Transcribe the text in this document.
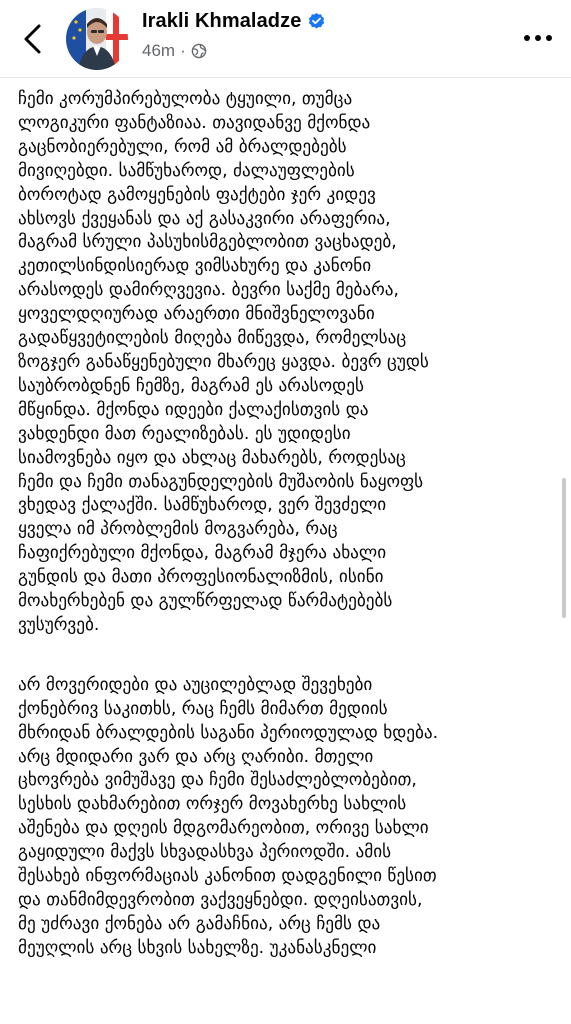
Irakli Khmaladze
46m ·
ჩემი კორუმპირებულობა ტყუილი, თუმცა
ლოგიკური ფანტაზიაა. თავიდანვე მქონდა
გაცნობიერებული, რომ ამ ბრალდებებს
მივიღებდი. სამწუხაროდ, ძალაუფლების
ბოროტად გამოყენების ფაქტები ჯერ კიდევ
ახსოვს ქვეყანას და აქ გასაკვირი არაფერია,
მაგრამ სრული პასუხისმგებლობით ვაცხადებ,
კეთილსინდისიერად ვიმსახურე და კანონი
არასოდეს დამირღვევია. ბევრი საქმე მებარა,
ყოველდღიურად არაერთი მნიშვნელოვანი
გადაწყვეტილების მიღება მიწევდა, რომელსაც
ზოგჯერ განაწყენებული მხარეც ყავდა. ბევრ ცუდს
საუბრობდნენ ჩემზე, მაგრამ ეს არასოდეს
მწყინდა. მქონდა იდეები ქალაქისთვის და
ვახდენდი მათ რეალიზებას. ეს უდიდესი
სიამოვნება იყო და ახლაც მახარებს, როდესაც
ჩემი და ჩემი თანაგუნდელების მუშაობის ნაყოფს
ვხედავ ქალაქში. სამწუხაროდ, ვერ შევძელი
ყველა იმ პრობლემის მოგვარება, რაც
ჩაფიქრებული მქონდა, მაგრამ მჯერა ახალი
გუნდის და მათი პროფესიონალიზმის, ისინი
მოახერხებენ და გულწრფელად წარმატებებს
ვუსურვებ.
არ მოვერიდები და აუცილებლად შევეხები
ქონებრივ საკითხს, რაც ჩემს მიმართ მედიის
მხრიდან ბრალდების საგანი პერიოდულად ხდება.
არც მდიდარი ვარ და არც ღარიბი. მთელი
ცხოვრება ვიმუშავე და ჩემი შესაძლებლობებით,
სესხის დახმარებით ორჯერ მოვახერხე სახლის
აშენება და დღეის მდგომარეობით, ორივე სახლი
გაყიდული მაქვს სხვადასხვა პერიოდში. ამის
შესახებ ინფორმაციას კანონით დადგენილი წესით
და თანმიმდევრობით ვაქვეყნებდი. დღეისათვის,
მე უძრავი ქონება არ გამაჩნია, არც ჩემს და
მეუღლის არც სხვის სახელზე. უკანასკნელი
